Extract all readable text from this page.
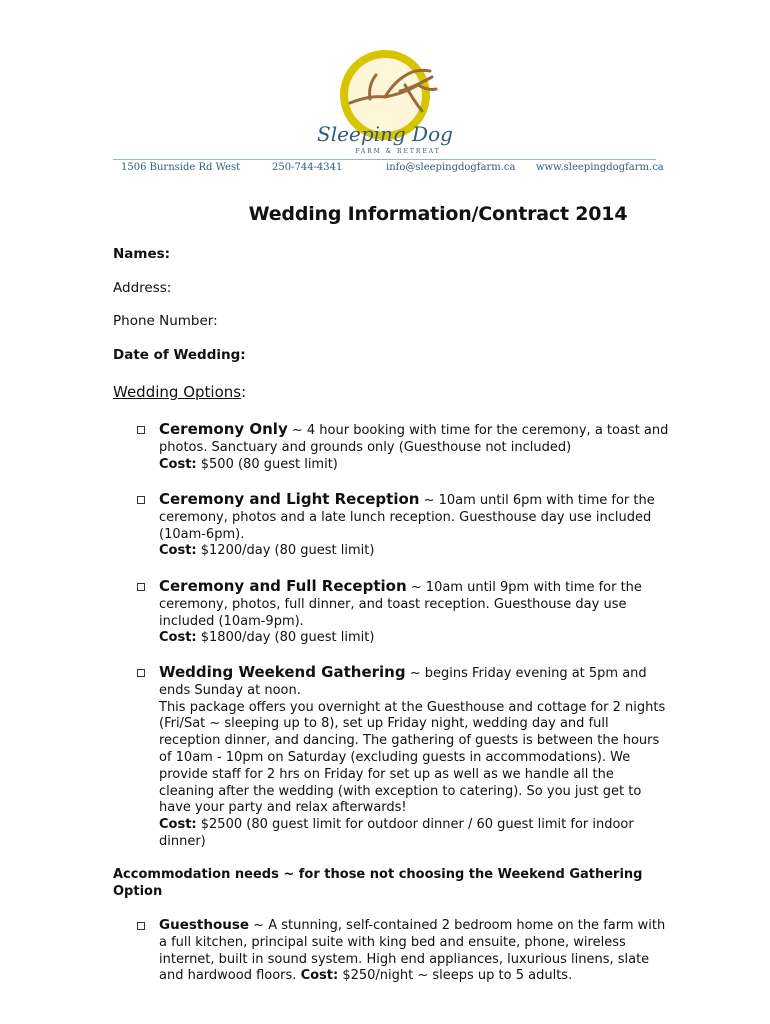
Sleeping Dog
FARM & RETREAT
1506 Burnside Rd West	250-744-4341	info@sleepingdogfarm.ca www.sleepingdogfarm.ca
Wedding Information/Contract 2014
Names:
Address:
Phone Number:
Date of Wedding:
Wedding Options:
Ceremony Only ~ 4 hour booking with time for the ceremony, a toast and photos. Sanctuary and grounds only (Guesthouse not included)
Cost: $500 (80 guest limit)
Ceremony and Light Reception ~ 10am until 6pm with time for the ceremony, photos and a late lunch reception. Guesthouse day use included (10am-6pm).
Cost: $1200/day (80 guest limit)
Ceremony and Full Reception ~ 10am until 9pm with time for the ceremony, photos, full dinner, and toast reception. Guesthouse day use included (10am-9pm).
Cost: $1800/day (80 guest limit)
Wedding Weekend Gathering ~ begins Friday evening at 5pm and ends Sunday at noon.
This package offers you overnight at the Guesthouse and cottage for 2 nights (Fri/Sat ~ sleeping up to 8), set up Friday night, wedding day and full reception dinner, and dancing. The gathering of guests is between the hours of 10am - 10pm on Saturday (excluding guests in accommodations). We provide staff for 2 hrs on Friday for set up as well as we handle all the cleaning after the wedding (with exception to catering). So you just get to have your party and relax afterwards!
Cost: $2500 (80 guest limit for outdoor dinner / 60 guest limit for indoor dinner)
Accommodation needs ~ for those not choosing the Weekend Gathering Option
Guesthouse ~ A stunning, self-contained 2 bedroom home on the farm with a full kitchen, principal suite with king bed and ensuite, phone, wireless internet, built in sound system. High end appliances, luxurious linens, slate and hardwood floors. Cost: $250/night ~ sleeps up to 5 adults.
